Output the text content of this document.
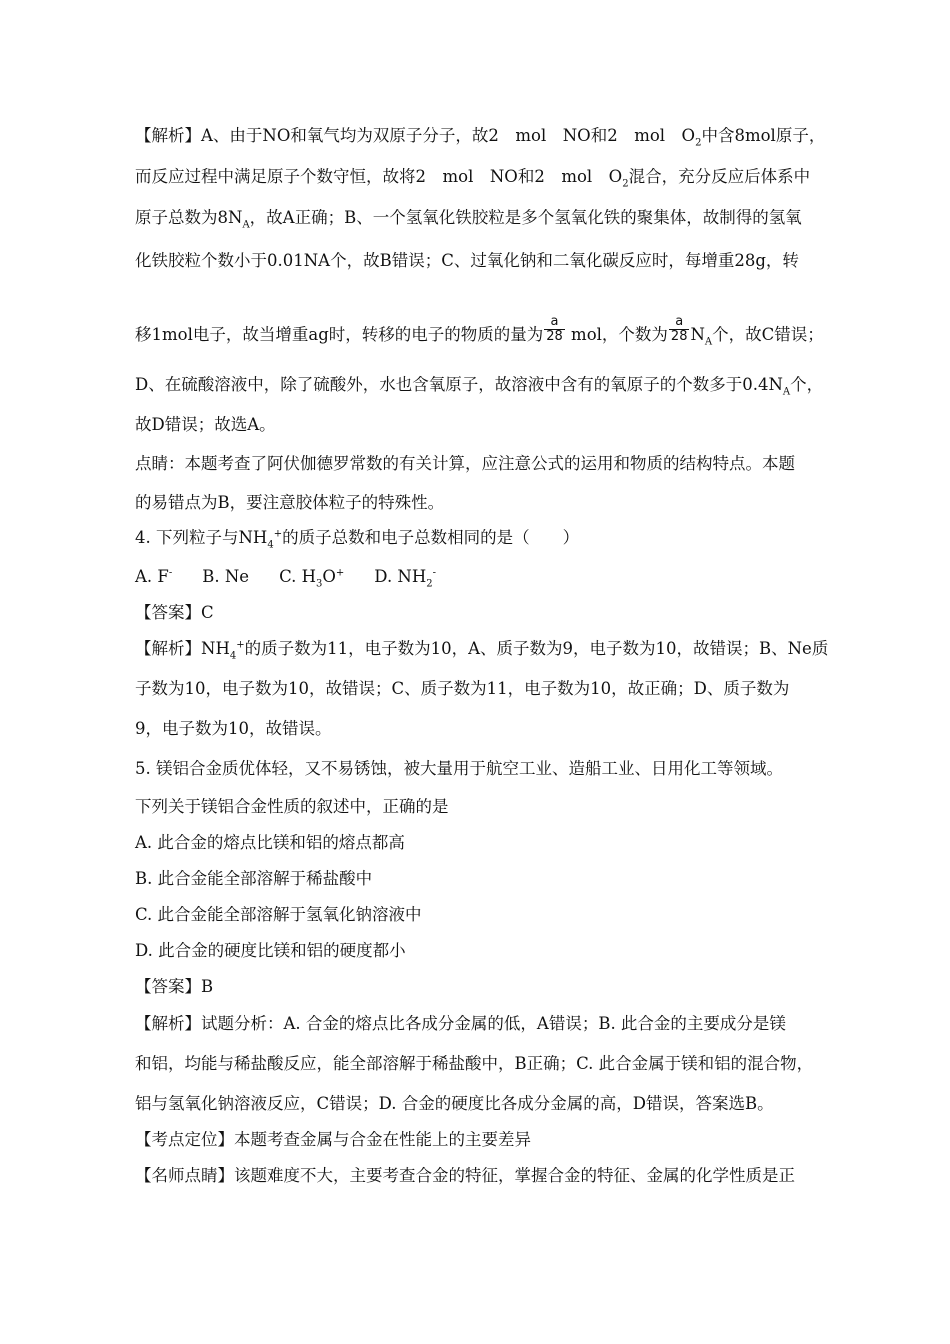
【解析】A、由于NO和氧气均为双原子分子，故2　mol　NO和2　mol　$O_2$中含8mol原子，
而反应过程中满足原子个数守恒，故将2　mol　NO和2　mol　$O_2$混合，充分反应后体系中
原子总数为$8N_A$，故A正确；B、一个氢氧化铁胶粒是多个氢氧化铁的聚集体，故制得的氢氧
化铁胶粒个数小于0.01NA个，故B错误；C、过氧化钠和二氧化碳反应时，每增重28g，转
移1mol电子，故当增重ag时，转移的电子的物质的量为 $\frac{a}{28}$ mol，个数为 $\frac{a}{28} N_A$个，故C错误；
D、在硫酸溶液中，除了硫酸外，水也含氧原子，故溶液中含有的氧原子的个数多于$0.4N_A$个，
故D错误；故选A。
点睛：本题考查了阿伏伽德罗常数的有关计算，应注意公式的运用和物质的结构特点。本题
的易错点为B，要注意胶体粒子的特殊性。
4. 下列粒子与$NH_4^+$的质子总数和电子总数相同的是（　　）
A. F- B. Ne C. $H_3O^+$ D. $NH_2^-$
【答案】C
【解析】$NH_4^+$的质子数为11，电子数为10，A、质子数为9，电子数为10，故错误；B、Ne质
子数为10，电子数为10，故错误；C、质子数为11，电子数为10，故正确；D、质子数为
9，电子数为10，故错误。
5. 镁铝合金质优体轻，又不易锈蚀，被大量用于航空工业、造船工业、日用化工等领域。
下列关于镁铝合金性质的叙述中，正确的是
A. 此合金的熔点比镁和铝的熔点都高
B. 此合金能全部溶解于稀盐酸中
C. 此合金能全部溶解于氢氧化钠溶液中
D. 此合金的硬度比镁和铝的硬度都小
【答案】B
【解析】试题分析：A. 合金的熔点比各成分金属的低，A错误；B. 此合金的主要成分是镁
和铝，均能与稀盐酸反应，能全部溶解于稀盐酸中，B正确；C. 此合金属于镁和铝的混合物，
铝与氢氧化钠溶液反应，C错误；D. 合金的硬度比各成分金属的高，D错误，答案选B。
【考点定位】本题考查金属与合金在性能上的主要差异
【名师点睛】该题难度不大，主要考查合金的特征，掌握合金的特征、金属的化学性质是正
